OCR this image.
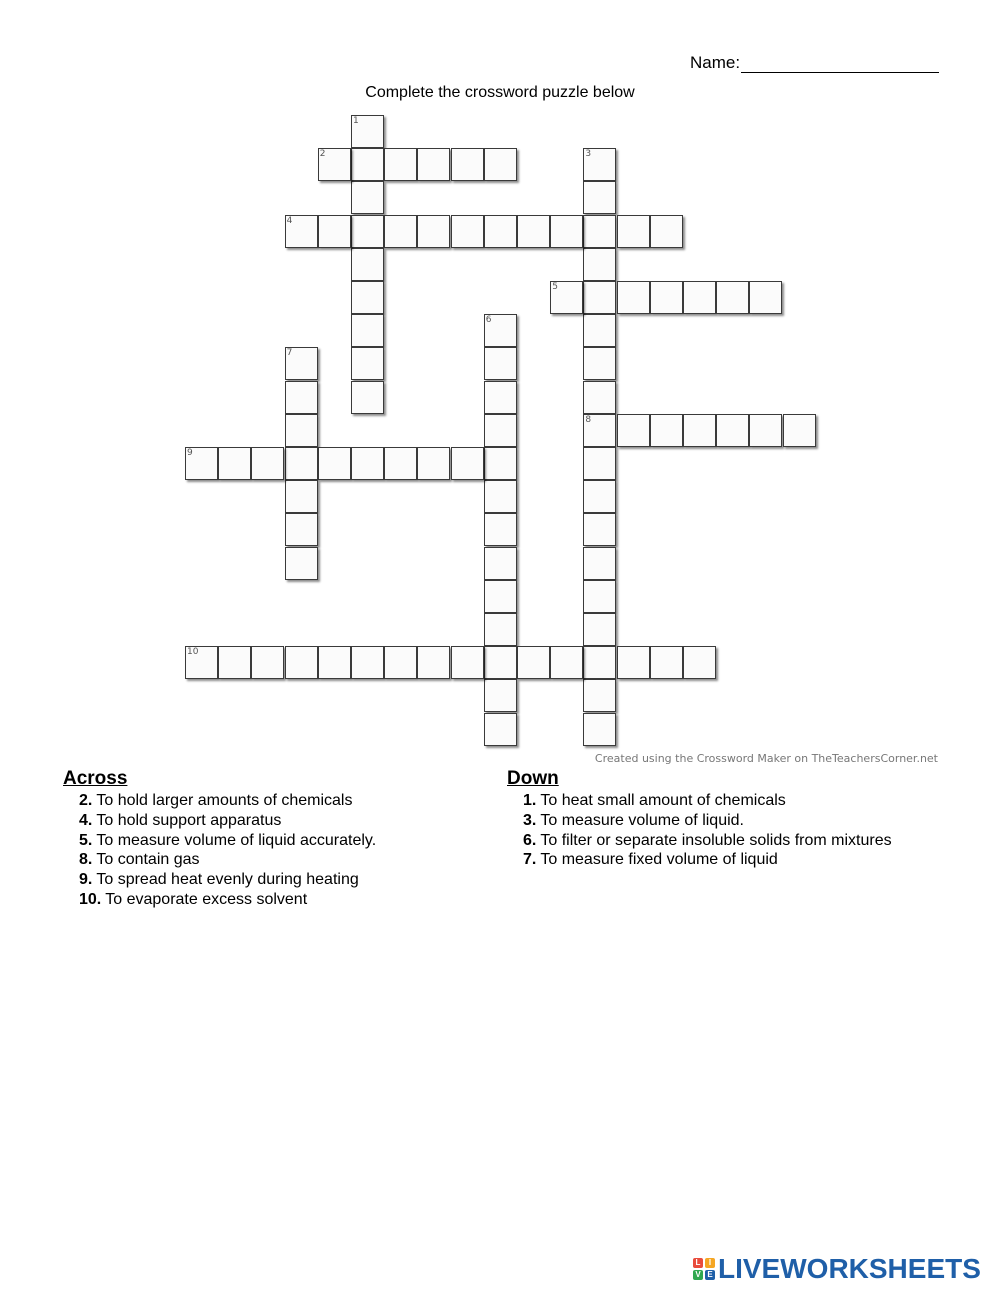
Name:
Complete the crossword puzzle below
1
2	3
4
5
6
7
8
9
10
Created using the Crossword Maker on TheTeachersCorner.net
Across
2. To hold larger amounts of chemicals
4. To hold support apparatus
5. To measure volume of liquid accurately.
8. To contain gas
9. To spread heat evenly during heating
10. To evaporate excess solvent
Down
1. To heat small amount of chemicals
3. To measure volume of liquid.
6. To filter or separate insoluble solids from mixtures
7. To measure fixed volume of liquid
L	I
V E LIVEWORKSHEETS
